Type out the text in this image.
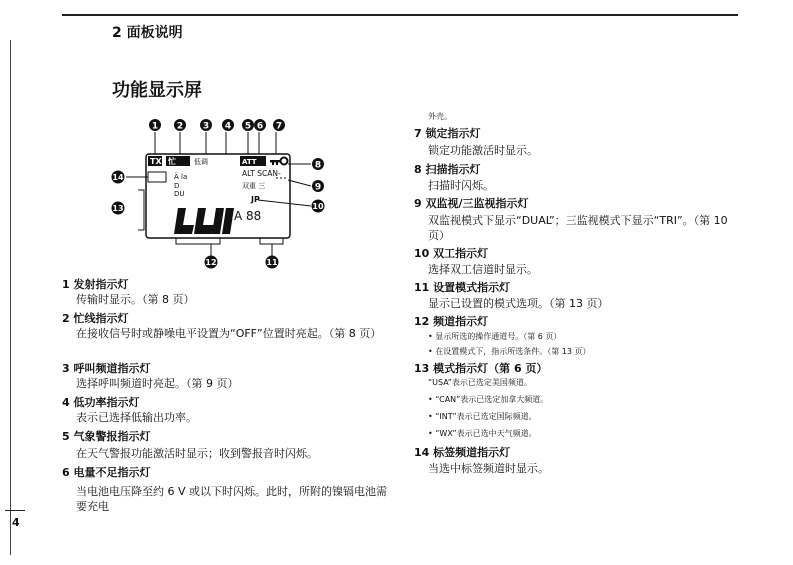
2 面板说明
功能显示屏
1 2 3 4 5 6 7
8
9
10
11
12
13
14
TX 忙	低调	ATT
ALT SCAN-
双重 三
JP
Ä la
D
DU
A 88
1 发射指示灯
传输时显示。（第 8 页）
2 忙线指示灯
在接收信号时或静噪电平设置为“OFF”位置时亮起。（第 8 页）
3 呼叫频道指示灯
选择呼叫频道时亮起。（第 9 页）
4 低功率指示灯
表示已选择低输出功率。
5 气象警报指示灯
在天气警报功能激活时显示；收到警报音时闪烁。
6 电量不足指示灯
当电池电压降至约 6 V 或以下时闪烁。此时，所附的镍镉电池需要充电
外壳。
7 锁定指示灯
锁定功能激活时显示。
8 扫描指示灯
扫描时闪烁。
9 双监视/三监视指示灯
双监视模式下显示“DUAL”；三监视模式下显示“TRI”。（第 10 页）
10 双工指示灯
选择双工信道时显示。
11 设置模式指示灯
显示已设置的模式选项。（第 13 页）
12 频道指示灯
• 显示所选的操作通道号。（第 6 页）
• 在设置模式下，指示所选条件。（第 13 页）
13 模式指示灯（第 6 页）
“USA”表示已选定美国频道。
• “CAN”表示已选定加拿大频道。
• “INT”表示已选定国际频道。
• “WX”表示已选中天气频道。
14 标签频道指示灯
当选中标签频道时显示。
4
